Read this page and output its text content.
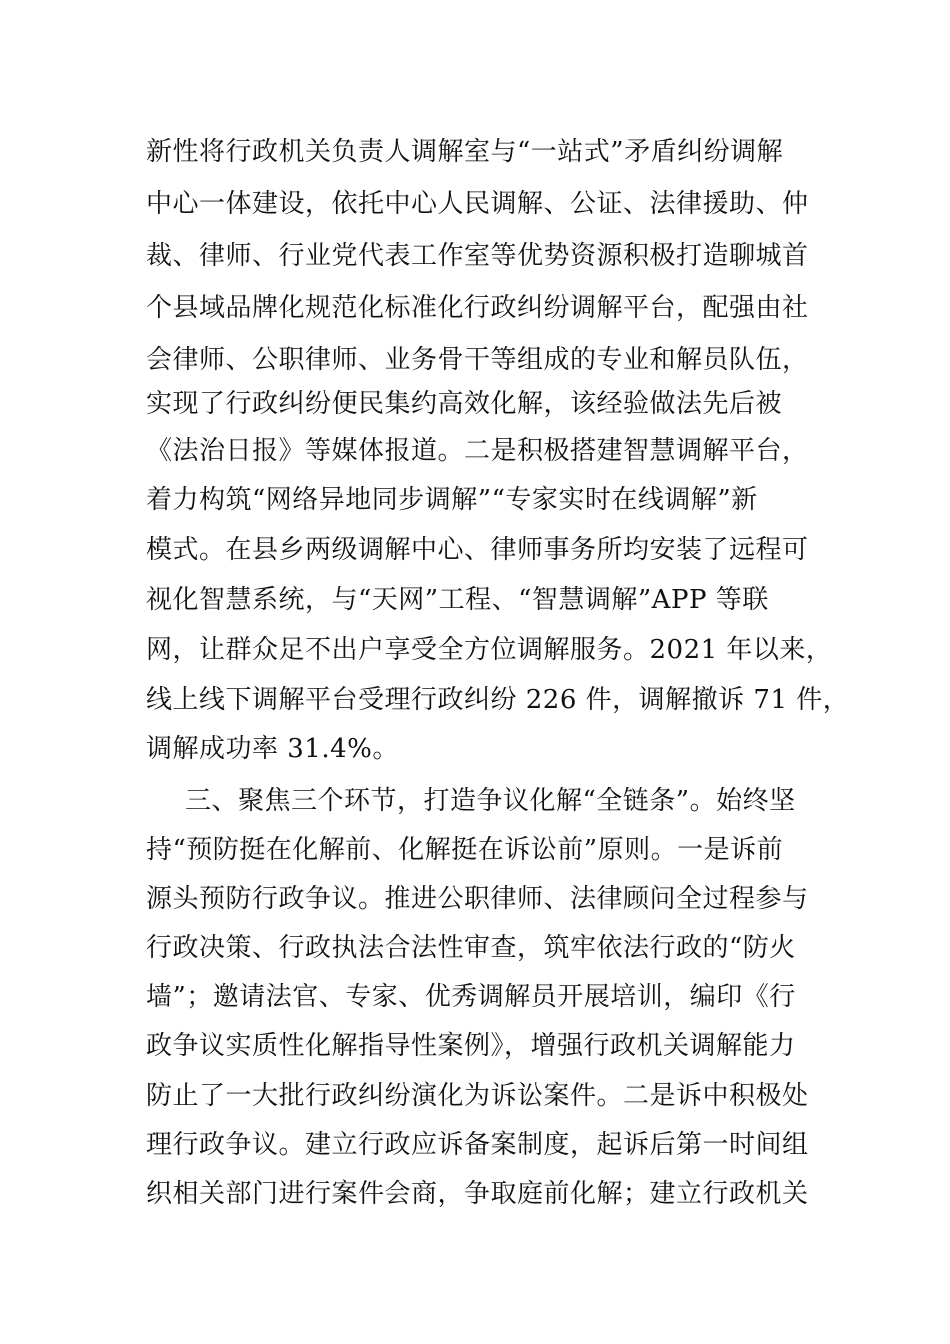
新性将行政机关负责人调解室与“一站式”矛盾纠纷调解
中心一体建设，依托中心人民调解、公证、法律援助、仲
裁、律师、行业党代表工作室等优势资源积极打造聊城首
个县域品牌化规范化标准化行政纠纷调解平台，配强由社
会律师、公职律师、业务骨干等组成的专业和解员队伍，
实现了行政纠纷便民集约高效化解，该经验做法先后被
《法治日报》等媒体报道。二是积极搭建智慧调解平台，
着力构筑“网络异地同步调解”“专家实时在线调解”新
模式。在县乡两级调解中心、律师事务所均安装了远程可
视化智慧系统，与“天网”工程、“智慧调解”APP 等联
网，让群众足不出户享受全方位调解服务。2021 年以来，
线上线下调解平台受理行政纠纷 226 件，调解撤诉 71 件，
调解成功率 31.4%。
三、聚焦三个环节，打造争议化解“全链条”。始终坚
持“预防挺在化解前、化解挺在诉讼前”原则。一是诉前
源头预防行政争议。推进公职律师、法律顾问全过程参与
行政决策、行政执法合法性审查，筑牢依法行政的“防火
墙”；邀请法官、专家、优秀调解员开展培训，编印《行
政争议实质性化解指导性案例》，增强行政机关调解能力
防止了一大批行政纠纷演化为诉讼案件。二是诉中积极处
理行政争议。建立行政应诉备案制度，起诉后第一时间组
织相关部门进行案件会商，争取庭前化解；建立行政机关
